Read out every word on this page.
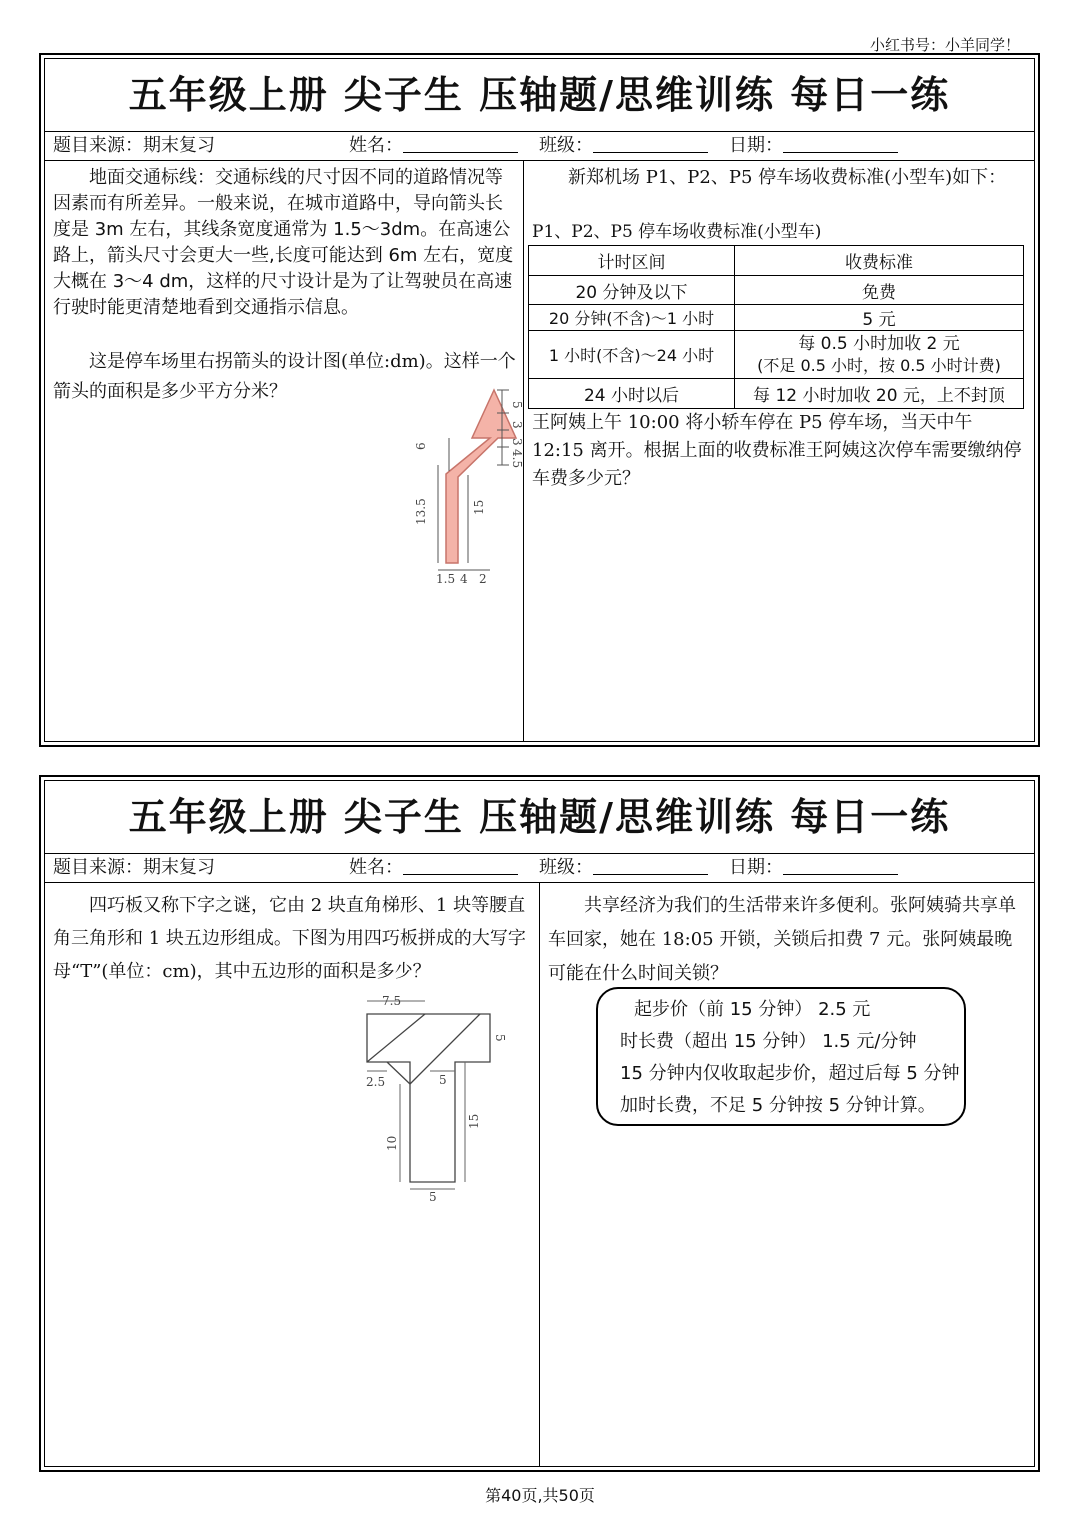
小红书号：小羊同学！
五年级上册 尖子生 压轴题/思维训练 每日一练
题目来源：期末复习	姓名：	班级：	日期：

地面交通标线：交通标线的尺寸因不同的道路情况等因素而有所差异。一般来说，在城市道路中，导向箭头长度是 3m 左右，其线条宽度通常为 1.5～3dm。在高速公路上，箭头尺寸会更大一些,长度可能达到 6m 左右，宽度大概在 3～4 dm，这样的尺寸设计是为了让驾驶员在高速行驶时能更清楚地看到交通指示信息。

这是停车场里右拐箭头的设计图(单位:dm)。这样一个箭头的面积是多少平方分米？

5
3
3
4.5
6
13.5	15
1.5 4 2

新郑机场 P1、P2、P5 停车场收费标准(小型车)如下：

P1、P2、P5 停车场收费标准(小型车)

计时区间	收费标准
20 分钟及以下	免费
20 分钟(不含)～1 小时	5 元
1 小时(不含)～24 小时	每 0.5 小时加收 2 元
(不足 0.5 小时，按 0.5 小时计费)

24 小时以后	每 12 小时加收 20 元，上不封顶

王阿姨上午 10:00 将小轿车停在 P5 停车场，当天中午 12:15 离开。根据上面的收费标准王阿姨这次停车需要缴纳停车费多少元？

五年级上册 尖子生 压轴题/思维训练 每日一练
题目来源：期末复习	姓名：	班级：	日期：

四巧板又称下字之谜，它由 2 块直角梯形、1 块等腰直角三角形和 1 块五边形组成。下图为用四巧板拼成的大写字母“T”(单位：cm)，其中五边形的面积是多少？

7.5
5
2.5	5
15
10
5

共享经济为我们的生活带来许多便利。张阿姨骑共享单车回家，她在 18:05 开锁，关锁后扣费 7 元。张阿姨最晚可能在什么时间关锁？

起步价（前 15 分钟） 2.5 元
时长费（超出 15 分钟） 1.5 元/分钟
15 分钟内仅收取起步价，超过后每 5 分钟
加时长费，不足 5 分钟按 5 分钟计算。
第40页,共50页
